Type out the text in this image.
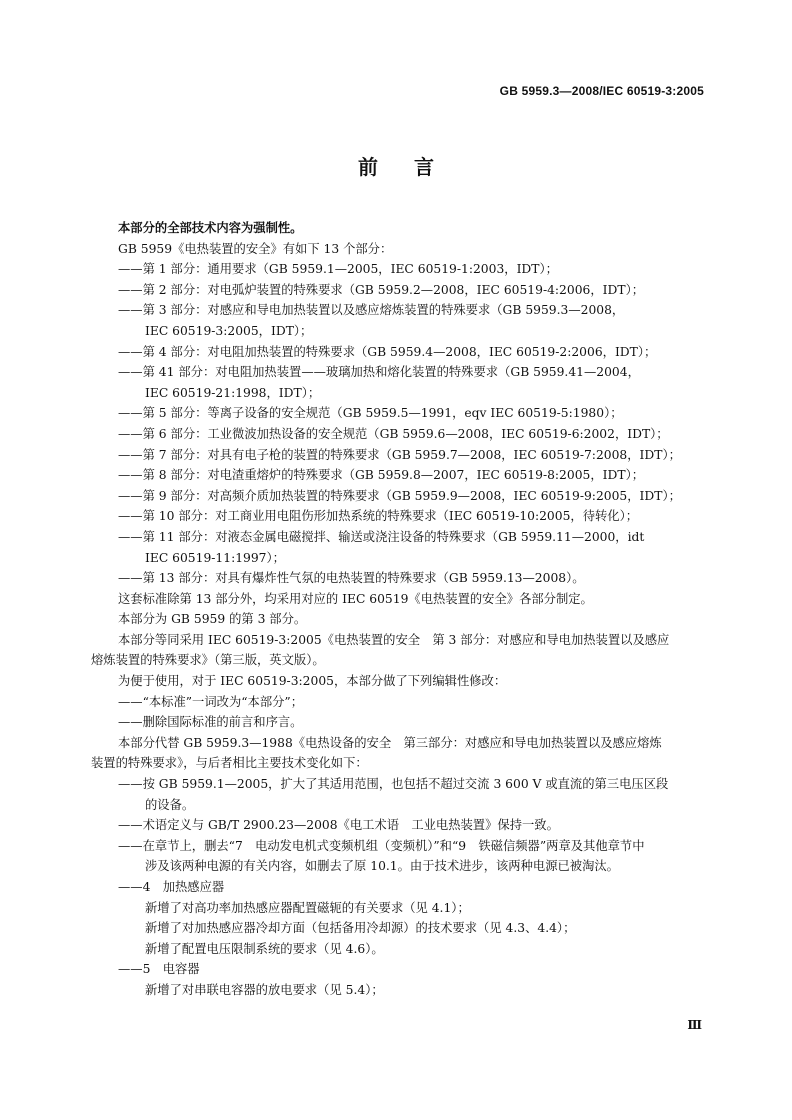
GB 5959.3—2008/IEC 60519-3:2005
前言
本部分的全部技术内容为强制性。
GB 5959《电热装置的安全》有如下 13 个部分：
——第 1 部分：通用要求（GB 5959.1—2005，IEC 60519-1:2003，IDT）；
——第 2 部分：对电弧炉装置的特殊要求（GB 5959.2—2008，IEC 60519-4:2006，IDT）；
——第 3 部分：对感应和导电加热装置以及感应熔炼装置的特殊要求（GB 5959.3—2008，
IEC 60519-3:2005，IDT）；
——第 4 部分：对电阻加热装置的特殊要求（GB 5959.4—2008，IEC 60519-2:2006，IDT）；
——第 41 部分：对电阻加热装置——玻璃加热和熔化装置的特殊要求（GB 5959.41—2004，
IEC 60519-21:1998，IDT）；
——第 5 部分：等离子设备的安全规范（GB 5959.5—1991，eqv IEC 60519-5:1980）；
——第 6 部分：工业微波加热设备的安全规范（GB 5959.6—2008，IEC 60519-6:2002，IDT）；
——第 7 部分：对具有电子枪的装置的特殊要求（GB 5959.7—2008，IEC 60519-7:2008，IDT）；
——第 8 部分：对电渣重熔炉的特殊要求（GB 5959.8—2007，IEC 60519-8:2005，IDT）；
——第 9 部分：对高频介质加热装置的特殊要求（GB 5959.9—2008，IEC 60519-9:2005，IDT）；
——第 10 部分：对工商业用电阻伤形加热系统的特殊要求（IEC 60519-10:2005，待转化）；
——第 11 部分：对液态金属电磁搅拌、输送或浇注设备的特殊要求（GB 5959.11—2000，idt
IEC 60519-11:1997）；
——第 13 部分：对具有爆炸性气氛的电热装置的特殊要求（GB 5959.13—2008）。
这套标准除第 13 部分外，均采用对应的 IEC 60519《电热装置的安全》各部分制定。
本部分为 GB 5959 的第 3 部分。
本部分等同采用 IEC 60519-3:2005《电热装置的安全　第 3 部分：对感应和导电加热装置以及感应
熔炼装置的特殊要求》（第三版，英文版）。
为便于使用，对于 IEC 60519-3:2005，本部分做了下列编辑性修改：
——“本标准”一词改为“本部分”；
——删除国际标准的前言和序言。
本部分代替 GB 5959.3—1988《电热设备的安全　第三部分：对感应和导电加热装置以及感应熔炼
装置的特殊要求》，与后者相比主要技术变化如下：
——按 GB 5959.1—2005，扩大了其适用范围，也包括不超过交流 3 600 V 或直流的第三电压区段
的设备。
——术语定义与 GB/T 2900.23—2008《电工术语　工业电热装置》保持一致。
——在章节上，删去“7　电动发电机式变频机组（变频机）”和“9　铁磁信频器”两章及其他章节中
涉及该两种电源的有关内容，如删去了原 10.1。由于技术进步，该两种电源已被淘汰。
——4　加热感应器
新增了对高功率加热感应器配置磁轭的有关要求（见 4.1）；
新增了对加热感应器冷却方面（包括备用冷却源）的技术要求（见 4.3、4.4）；
新增了配置电压限制系统的要求（见 4.6）。
——5　电容器
新增了对串联电容器的放电要求（见 5.4）；
Ⅲ
